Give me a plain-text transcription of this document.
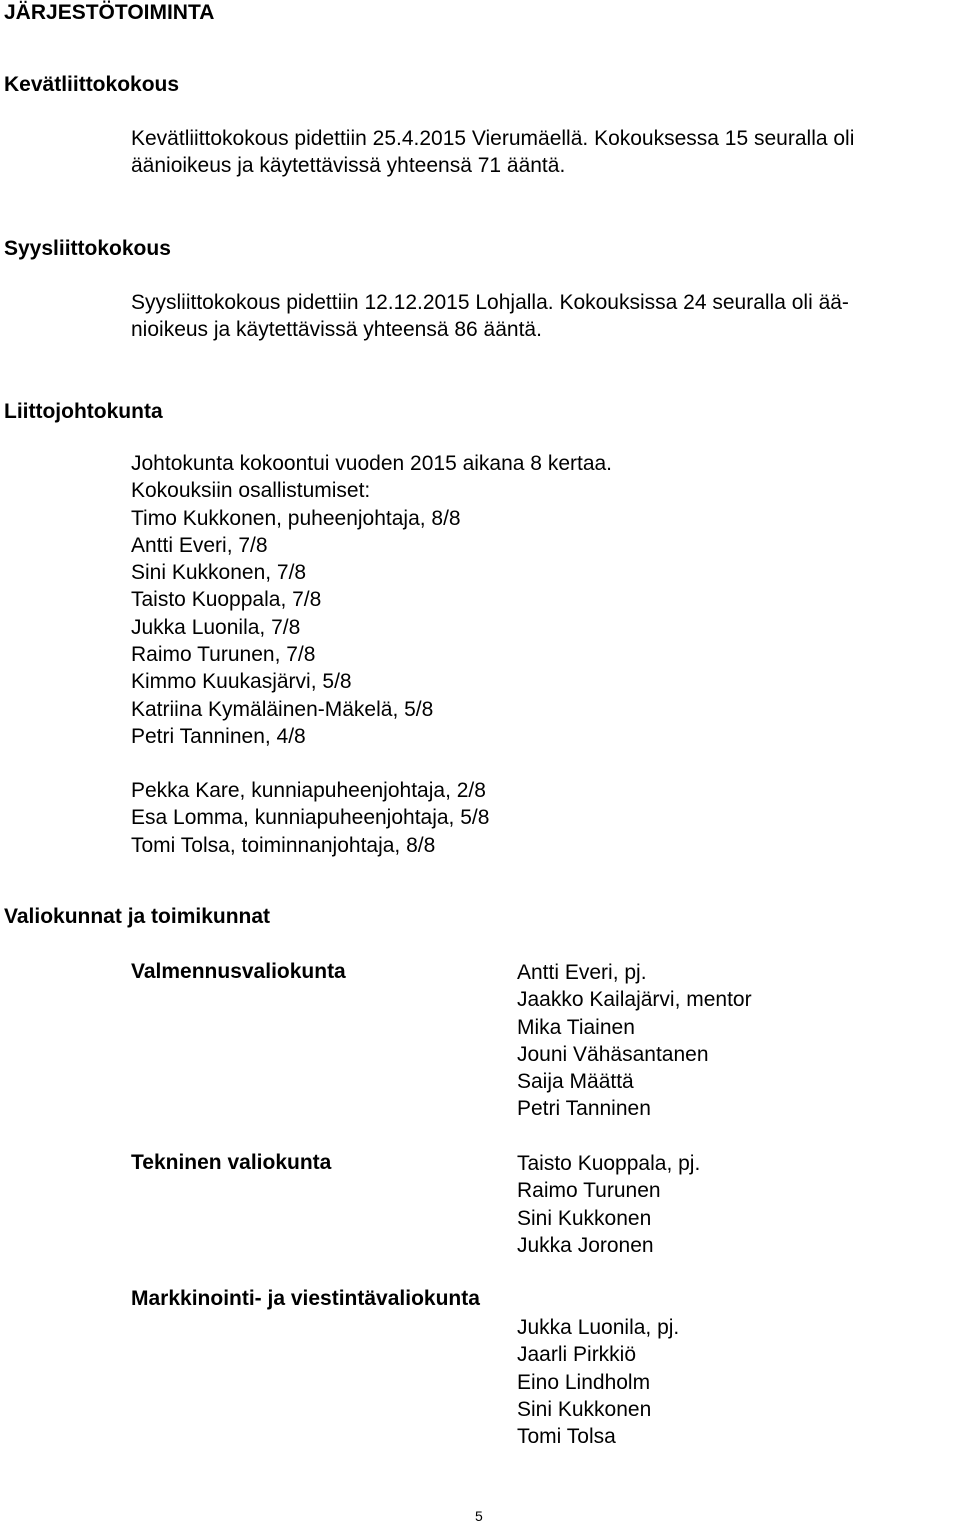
JÄRJESTÖTOIMINTA
Kevätliittokokous
Kevätliittokokous pidettiin 25.4.2015 Vierumäellä. Kokouksessa 15 seuralla oli
äänioikeus ja käytettävissä yhteensä 71 ääntä.
Syysliittokokous
Syysliittokokous pidettiin 12.12.2015 Lohjalla. Kokouksissa 24 seuralla oli ää-
nioikeus ja käytettävissä yhteensä 86 ääntä.
Liittojohtokunta
Johtokunta kokoontui vuoden 2015 aikana 8 kertaa.
Kokouksiin osallistumiset:
Timo Kukkonen, puheenjohtaja, 8/8
Antti Everi, 7/8
Sini Kukkonen, 7/8
Taisto Kuoppala, 7/8
Jukka Luonila, 7/8
Raimo Turunen, 7/8
Kimmo Kuukasjärvi, 5/8
Katriina Kymäläinen-Mäkelä, 5/8
Petri Tanninen, 4/8
Pekka Kare, kunniapuheenjohtaja, 2/8
Esa Lomma, kunniapuheenjohtaja, 5/8
Tomi Tolsa, toiminnanjohtaja, 8/8
Valiokunnat ja toimikunnat
Valmennusvaliokunta	Antti Everi, pj.
Jaakko Kailajärvi, mentor
Mika Tiainen
Jouni Vähäsantanen
Saija Määttä
Petri Tanninen
Tekninen valiokunta	Taisto Kuoppala, pj.
Raimo Turunen
Sini Kukkonen
Jukka Joronen
Markkinointi- ja viestintävaliokunta
Jukka Luonila, pj.
Jaarli Pirkkiö
Eino Lindholm
Sini Kukkonen
Tomi Tolsa
5
